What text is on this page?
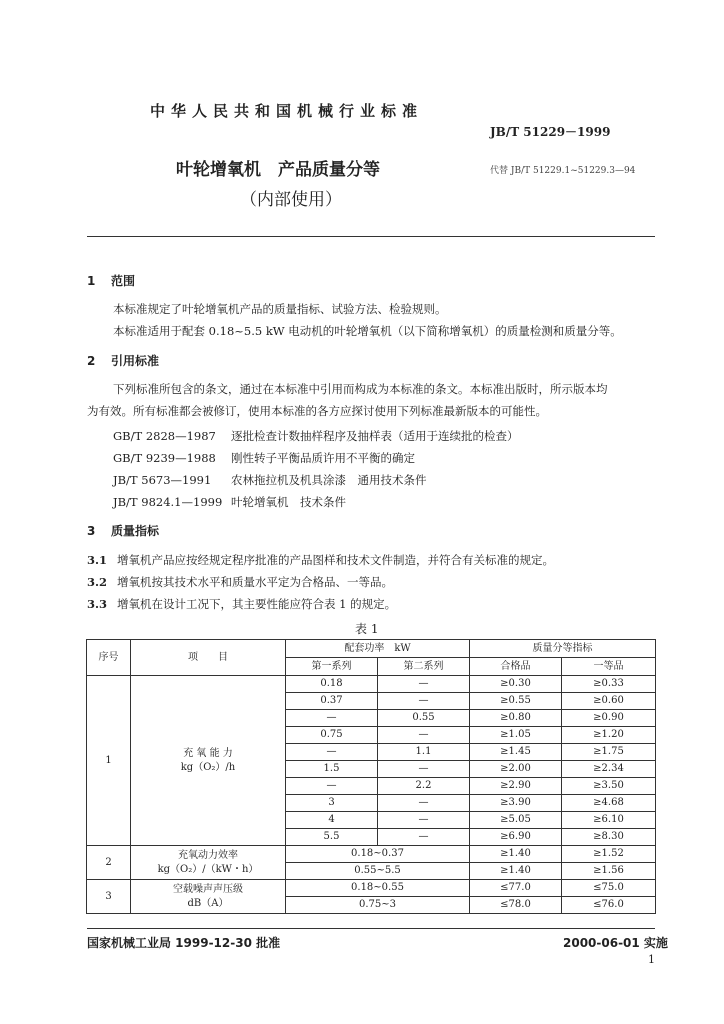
中华人民共和国机械行业标准
JB/T 51229－1999
叶轮增氧机　产品质量分等	代替 JB/T 51229.1~51229.3—94
（内部使用）
1 范围
本标准规定了叶轮增氧机产品的质量指标、试验方法、检验规则。
本标准适用于配套 0.18~5.5 kW 电动机的叶轮增氧机（以下简称增氧机）的质量检测和质量分等。
2 引用标准
下列标准所包含的条文，通过在本标准中引用而构成为本标准的条文。本标准出版时，所示版本均
为有效。所有标准都会被修订，使用本标准的各方应探讨使用下列标准最新版本的可能性。
GB/T 2828—1987 逐批检查计数抽样程序及抽样表（适用于连续批的检查）
GB/T 9239—1988 刚性转子平衡品质许用不平衡的确定
JB/T 5673—1991 农林拖拉机及机具涂漆　通用技术条件
JB/T 9824.1—1999 叶轮增氧机　技术条件
3 质量指标
3.1 增氧机产品应按经规定程序批准的产品图样和技术文件制造，并符合有关标准的规定。
3.2 增氧机按其技术水平和质量水平定为合格品、一等品。
3.3 增氧机在设计工况下，其主要性能应符合表 1 的规定。
表 1
序号	项　　目	配套功率　kW		质量分等指标	
		第一系列	第二系列	合格品	一等品
1	充 氧 能 力
kg（O₂）/h	0.18	—	≥0.30	≥0.33
		0.37	—	≥0.55	≥0.60
		—	0.55	≥0.80	≥0.90
		0.75	—	≥1.05	≥1.20
		—	1.1	≥1.45	≥1.75
		1.5	—	≥2.00	≥2.34
		—	2.2	≥2.90	≥3.50
		3	—	≥3.90	≥4.68
		4	—	≥5.05	≥6.10
		5.5	—	≥6.90	≥8.30
2	充氧动力效率
kg（O₂）/（kW・h）	0.18~0.37		≥1.40	≥1.52
		0.55~5.5		≥1.40	≥1.56
3	空载噪声声压级
dB（A）	0.18~0.55		≤77.0	≤75.0
		0.75~3		≤78.0	≤76.0
国家机械工业局 1999-12-30 批准	2000-06-01 实施
1
